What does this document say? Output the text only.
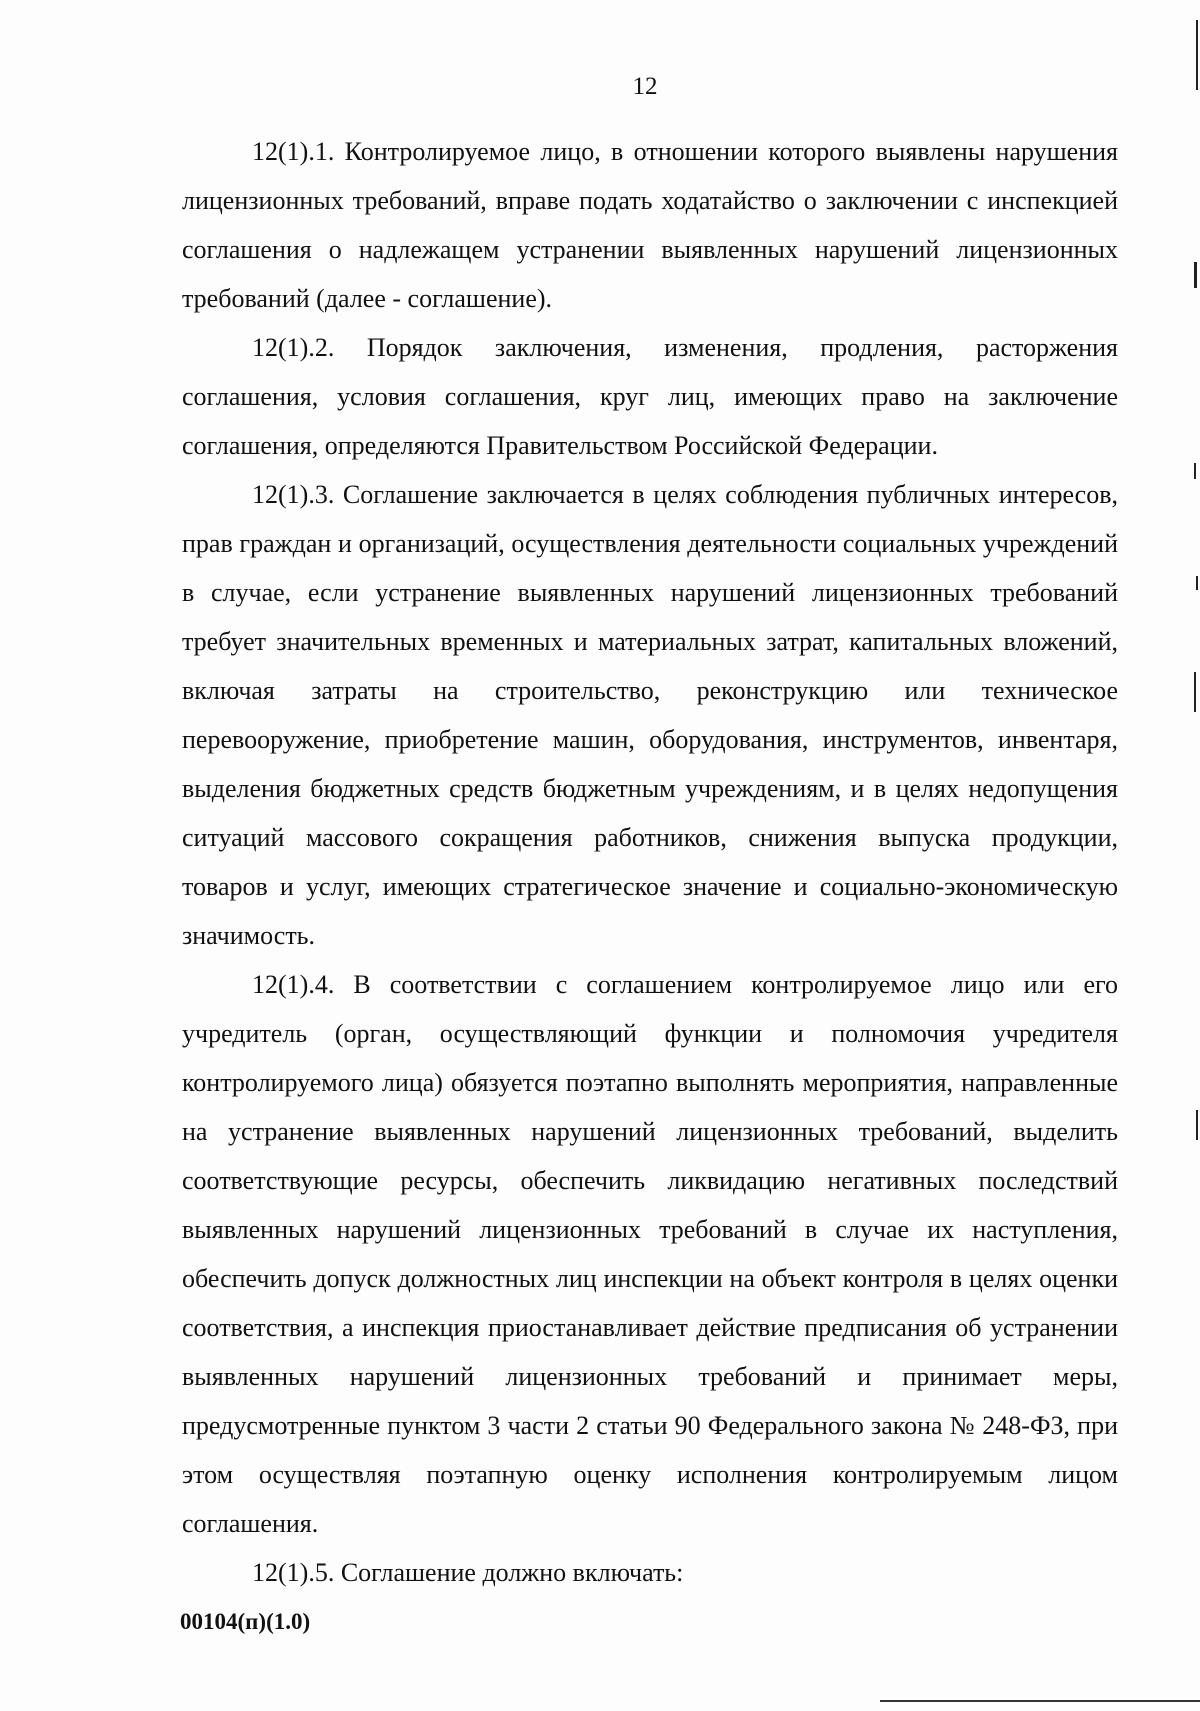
12

12(1).1. Контролируемое лицо, в отношении которого выявлены нарушения лицензионных требований, вправе подать ходатайство о заключении с инспекцией соглашения о надлежащем устранении выявленных нарушений лицензионных требований (далее - соглашение).

12(1).2. Порядок заключения, изменения, продления, расторжения соглашения, условия соглашения, круг лиц, имеющих право на заключение соглашения, определяются Правительством Российской Федерации.

12(1).3. Соглашение заключается в целях соблюдения публичных интересов, прав граждан и организаций, осуществления деятельности социальных учреждений в случае, если устранение выявленных нарушений лицензионных требований требует значительных временных и материальных затрат, капитальных вложений, включая затраты на строительство, реконструкцию или техническое перевооружение, приобретение машин, оборудования, инструментов, инвентаря, выделения бюджетных средств бюджетным учреждениям, и в целях недопущения ситуаций массового сокращения работников, снижения выпуска продукции, товаров и услуг, имеющих стратегическое значение и социально-экономическую значимость.

12(1).4. В соответствии с соглашением контролируемое лицо или его учредитель (орган, осуществляющий функции и полномочия учредителя контролируемого лица) обязуется поэтапно выполнять мероприятия, направленные на устранение выявленных нарушений лицензионных требований, выделить соответствующие ресурсы, обеспечить ликвидацию негативных последствий выявленных нарушений лицензионных требований в случае их наступления, обеспечить допуск должностных лиц инспекции на объект контроля в целях оценки соответствия, а инспекция приостанавливает действие предписания об устранении выявленных нарушений лицензионных требований и принимает меры, предусмотренные пунктом 3 части 2 статьи 90 Федерального закона № 248-ФЗ, при этом осуществляя поэтапную оценку исполнения контролируемым лицом соглашения.

12(1).5. Соглашение должно включать:

00104(п)(1.0)
